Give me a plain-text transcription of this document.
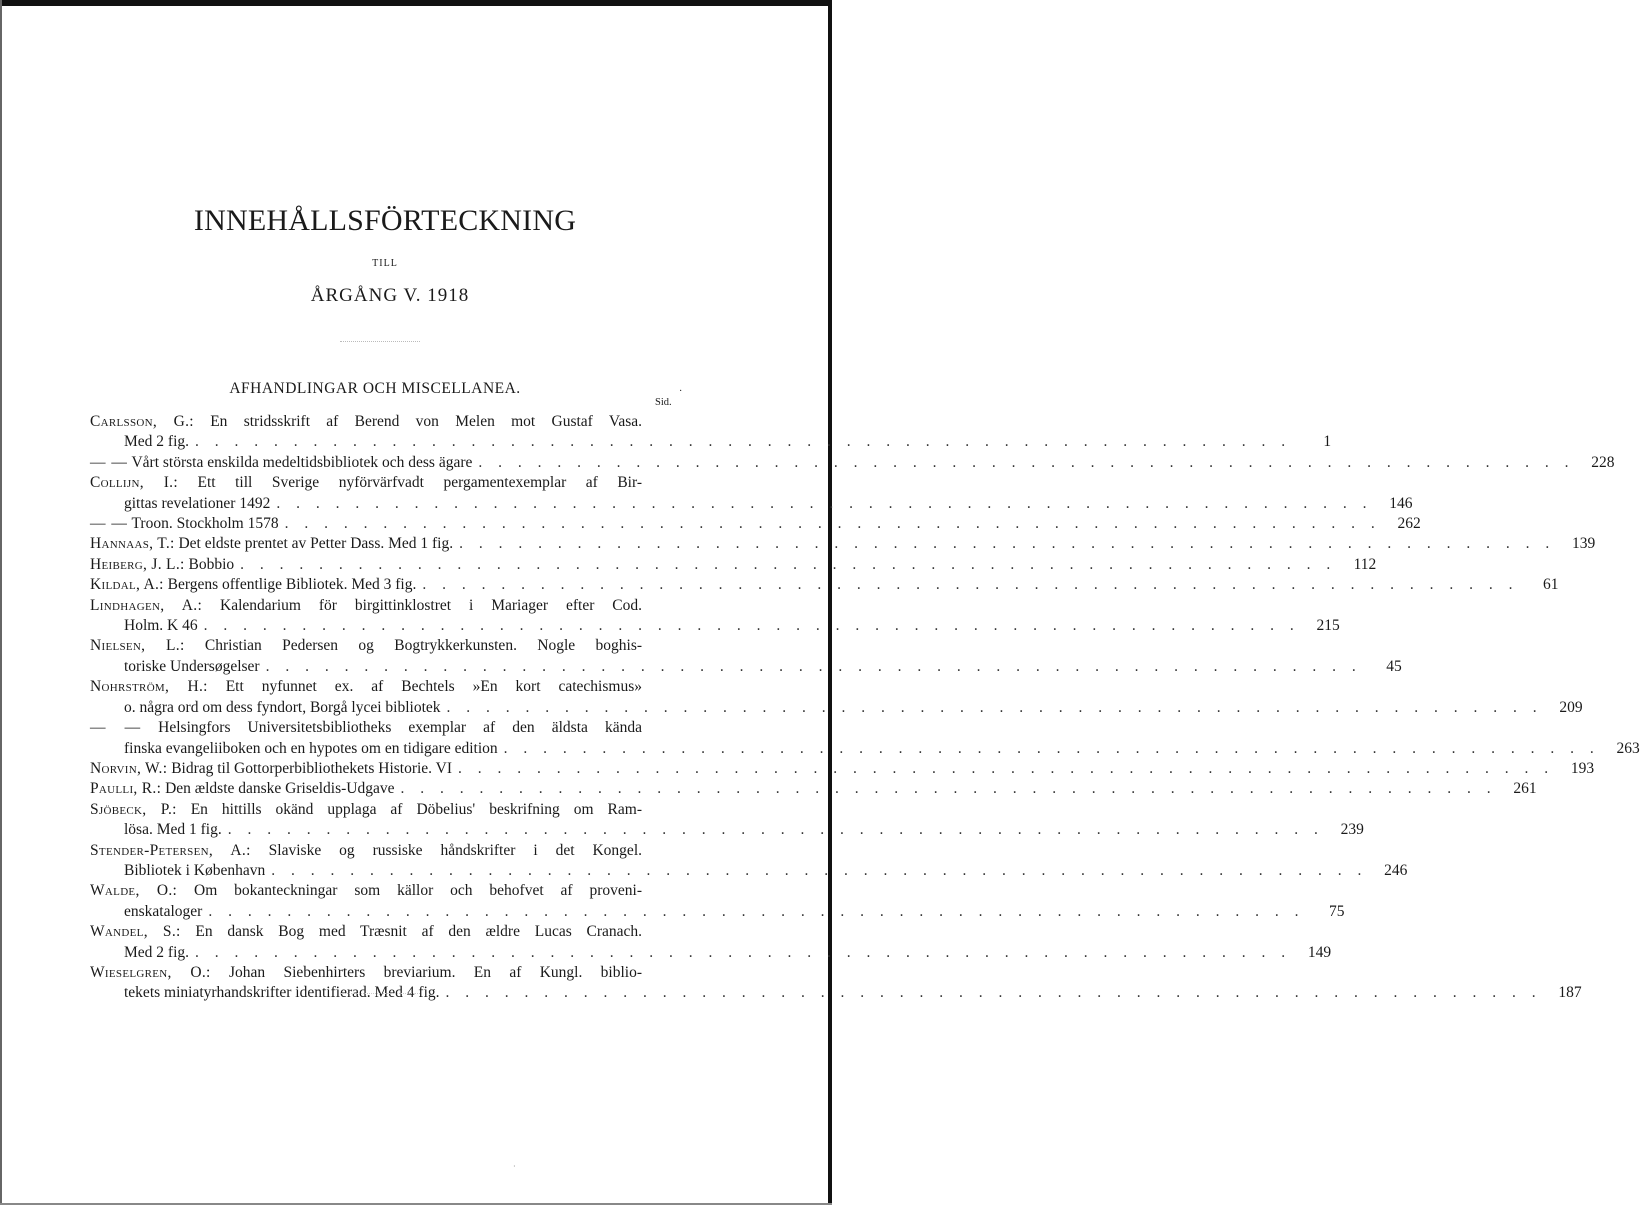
INNEHÅLLSFÖRTECKNING
TILL
ÅRGÅNG V. 1918
AFHANDLINGAR OCH MISCELLANEA.	·
Sid.
Carlsson, G.: En stridsskrift af Berend von Melen mot Gustaf Vasa.
Med 2 fig. . . .	1
— — Vårt största enskilda medeltidsbibliotek och dess ägare . . .	228
Collijn, I.: Ett till Sverige nyförvärfvadt pergamentexemplar af Bir-
gittas revelationer 1492 . . .	146
— — Troon. Stockholm 1578 . . .	262
Hannaas, T.: Det eldste prentet av Petter Dass. Med 1 fig. . . .	139
Heiberg, J. L.: Bobbio . . .	112
Kildal, A.: Bergens offentlige Bibliotek. Med 3 fig. . . .	61
Lindhagen, A.: Kalendarium för birgittinklostret i Mariager efter Cod.
Holm. K 46 . . .	215
Nielsen, L.: Christian Pedersen og Bogtrykkerkunsten. Nogle boghis-
toriske Undersøgelser . . .	45
Nohrström, H.: Ett nyfunnet ex. af Bechtels »En kort catechismus»
o. några ord om dess fyndort, Borgå lycei bibliotek . . .	209
— — Helsingfors Universitetsbibliotheks exemplar af den äldsta kända
finska evangeliiboken och en hypotes om en tidigare edition . . .	263
Norvin, W.: Bidrag til Gottorperbibliothekets Historie. VI . . .	193
Paulli, R.: Den ældste danske Griseldis-Udgave . . .	261
Sjöbeck, P.: En hittills okänd upplaga af Döbelius' beskrifning om Ram-
lösa. Med 1 fig. . . .	239
Stender-Petersen, A.: Slaviske og russiske håndskrifter i det Kongel.
Bibliotek i København . . .	246
Walde, O.: Om bokanteckningar som källor och behofvet af proveni-
enskataloger . . .	75
Wandel, S.: En dansk Bog med Træsnit af den ældre Lucas Cranach.
Med 2 fig. . . .	149
Wieselgren, O.: Johan Siebenhirters breviarium. En af Kungl. biblio-
tekets miniatyrhandskrifter identifierad. Med 4 fig. . . .	187
·
